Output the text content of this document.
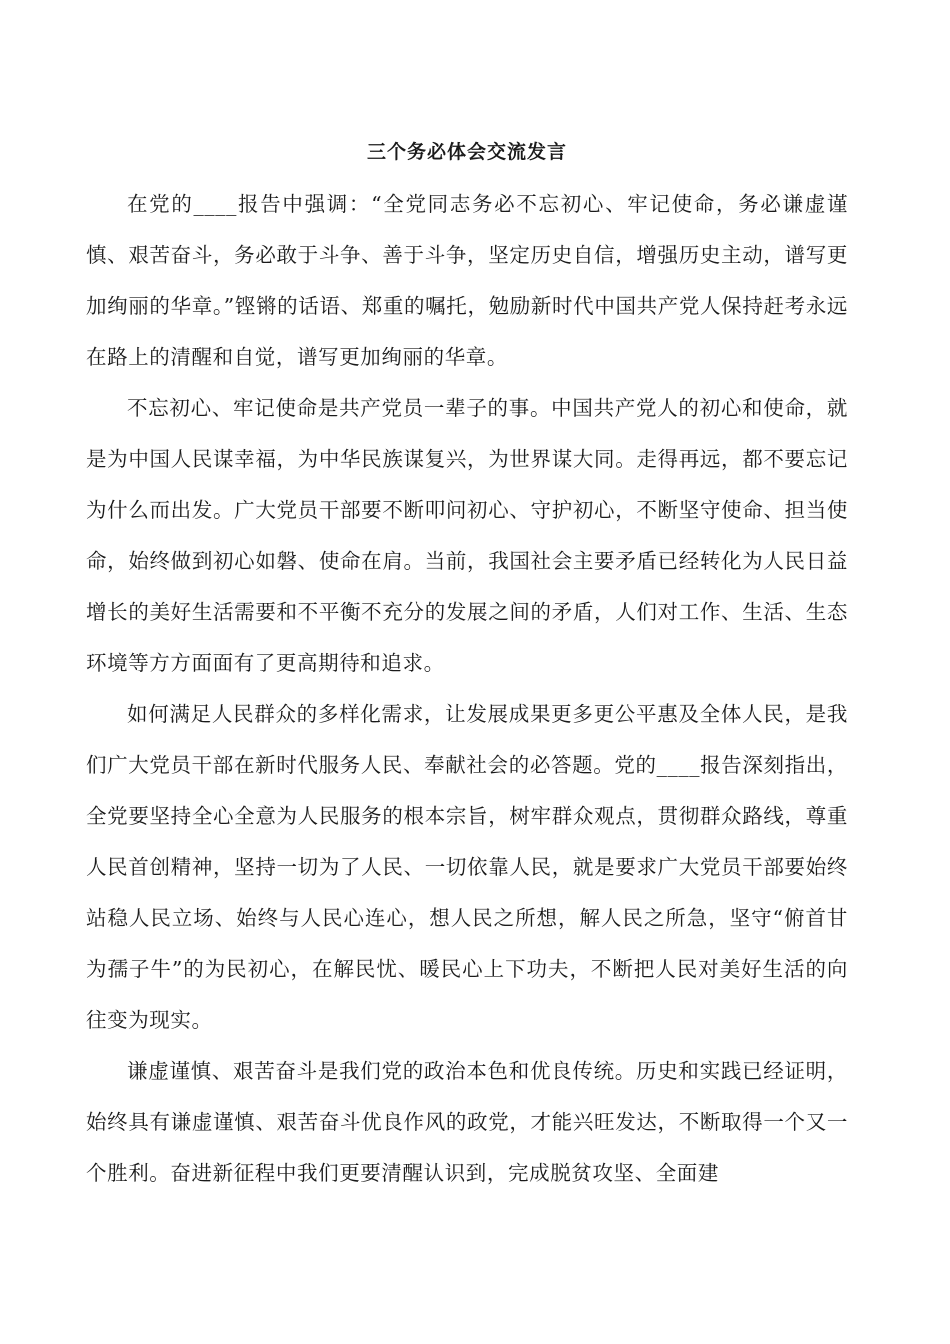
三个务必体会交流发言

在党的____报告中强调：“全党同志务必不忘初心、牢记使命，务必谦虚谨慎、艰苦奋斗，务必敢于斗争、善于斗争，坚定历史自信，增强历史主动，谱写更加绚丽的华章。”铿锵的话语、郑重的嘱托，勉励新时代中国共产党人保持赶考永远在路上的清醒和自觉，谱写更加绚丽的华章。

不忘初心、牢记使命是共产党员一辈子的事。中国共产党人的初心和使命，就是为中国人民谋幸福，为中华民族谋复兴，为世界谋大同。走得再远，都不要忘记为什么而出发。广大党员干部要不断叩问初心、守护初心，不断坚守使命、担当使命，始终做到初心如磐、使命在肩。当前，我国社会主要矛盾已经转化为人民日益增长的美好生活需要和不平衡不充分的发展之间的矛盾，人们对工作、生活、生态环境等方方面面有了更高期待和追求。

如何满足人民群众的多样化需求，让发展成果更多更公平惠及全体人民，是我们广大党员干部在新时代服务人民、奉献社会的必答题。党的____报告深刻指出，全党要坚持全心全意为人民服务的根本宗旨，树牢群众观点，贯彻群众路线，尊重人民首创精神，坚持一切为了人民、一切依靠人民，就是要求广大党员干部要始终站稳人民立场、始终与人民心连心，想人民之所想，解人民之所急，坚守“俯首甘为孺子牛”的为民初心，在解民忧、暖民心上下功夫，不断把人民对美好生活的向往变为现实。

谦虚谨慎、艰苦奋斗是我们党的政治本色和优良传统。历史和实践已经证明，始终具有谦虚谨慎、艰苦奋斗优良作风的政党，才能兴旺发达，不断取得一个又一个胜利。奋进新征程中我们更要清醒认识到，完成脱贫攻坚、全面建
